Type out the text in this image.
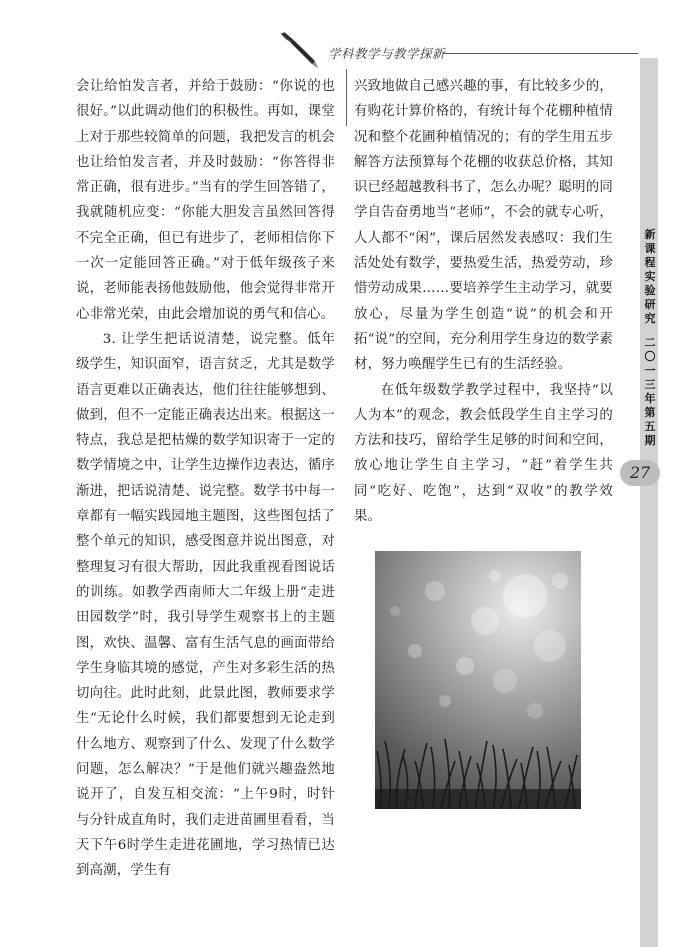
学科教学与教学探新

会让给怕发言者，并给于鼓励：“你说的也很好。”以此调动他们的积极性。再如，课堂上对于那些较简单的问题，我把发言的机会也让给怕发言者，并及时鼓励：“你答得非常正确，很有进步。”当有的学生回答错了，我就随机应变：“你能大胆发言虽然回答得不完全正确，但已有进步了，老师相信你下一次一定能回答正确。”对于低年级孩子来说，老师能表扬他鼓励他，他会觉得非常开心非常光荣，由此会增加说的勇气和信心。

3. 让学生把话说清楚，说完整。低年级学生，知识面窄，语言贫乏，尤其是数学语言更难以正确表达，他们往往能够想到、做到，但不一定能正确表达出来。根据这一特点，我总是把枯燥的数学知识寄于一定的数学情境之中，让学生边操作边表达，循序渐进，把话说清楚、说完整。数学书中每一章都有一幅实践园地主题图，这些图包括了整个单元的知识，感受图意并说出图意，对整理复习有很大帮助，因此我重视看图说话的训练。如教学西南师大二年级上册“走进田园数学”时，我引导学生观察书上的主题图，欢快、温馨、富有生活气息的画面带给学生身临其境的感觉，产生对多彩生活的热切向往。此时此刻，此景此图，教师要求学生“无论什么时候，我们都要想到无论走到什么地方、观察到了什么、发现了什么数学问题，怎么解决？”于是他们就兴趣盎然地说开了，自发互相交流：“上午9时，时针与分针成直角时，我们走进苗圃里看看，当天下午6时学生走进花圃地，学习热情已达到高潮，学生有

兴致地做自己感兴趣的事，有比较多少的，有购花计算价格的，有统计每个花棚种植情况和整个花圃种植情况的；有的学生用五步解答方法预算每个花棚的收获总价格，其知识已经超越教科书了，怎么办呢？聪明的同学自告奋勇地当“老师”，不会的就专心听，人人都不“闲”，课后居然发表感叹：我们生活处处有数学，要热爱生活，热爱劳动，珍惜劳动成果……要培养学生主动学习，就要放心，尽量为学生创造“说”的机会和开拓“说”的空间，充分利用学生身边的数学素材，努力唤醒学生已有的生活经验。

在低年级数学教学过程中，我坚持“以人为本”的观念，教会低段学生自主学习的方法和技巧，留给学生足够的时间和空间，放心地让学生自主学习，“赶”着学生共同“吃好、吃饱”，达到“双收”的教学效果。

新课程实验研究
二〇一三年 第五期
27
